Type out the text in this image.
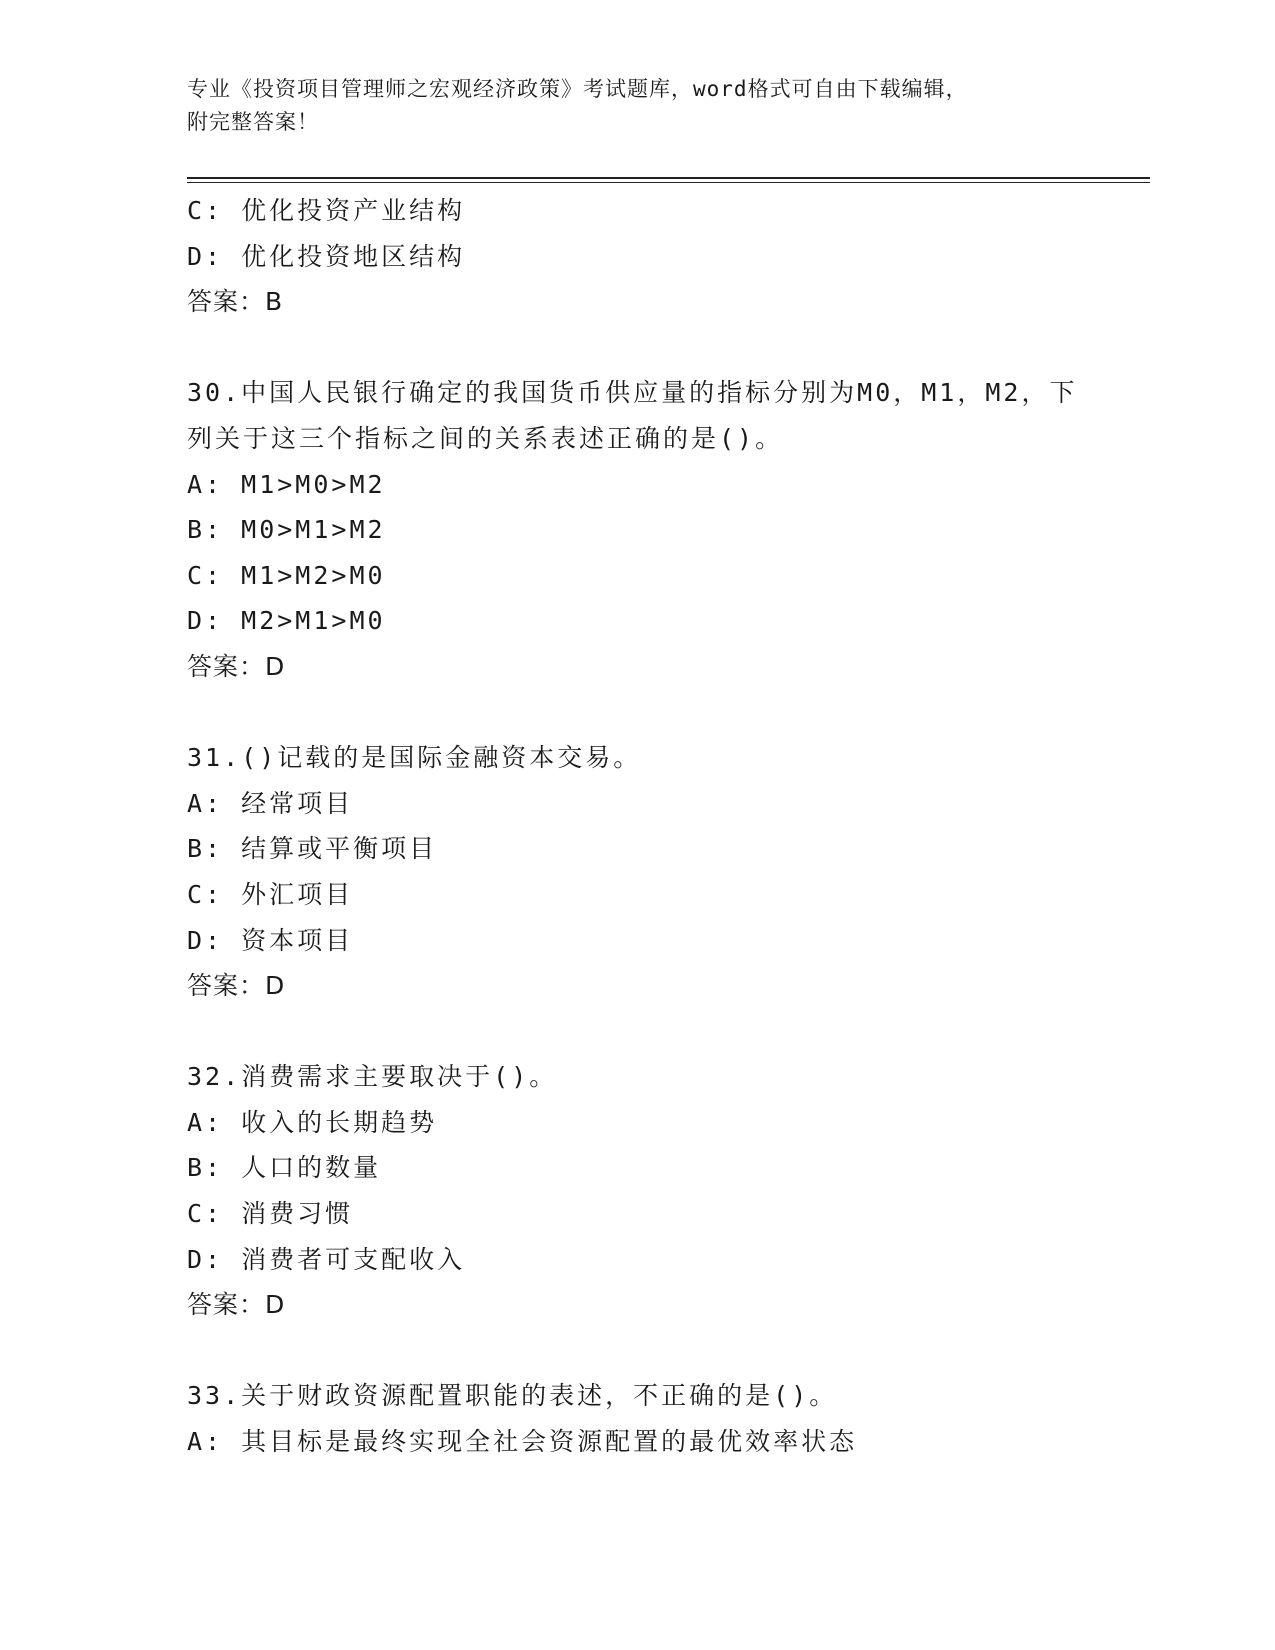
专业《投资项目管理师之宏观经济政策》考试题库，word格式可自由下载编辑，
附完整答案！
C: 优化投资产业结构
D: 优化投资地区结构
答案：B
30.中国人民银行确定的我国货币供应量的指标分别为M0，M1，M2，下
列关于这三个指标之间的关系表述正确的是()。
A: M1>M0>M2
B: M0>M1>M2
C: M1>M2>M0
D: M2>M1>M0
答案：D
31.()记载的是国际金融资本交易。
A: 经常项目
B: 结算或平衡项目
C: 外汇项目
D: 资本项目
答案：D
32.消费需求主要取决于()。
A: 收入的长期趋势
B: 人口的数量
C: 消费习惯
D: 消费者可支配收入
答案：D
33.关于财政资源配置职能的表述，不正确的是()。
A: 其目标是最终实现全社会资源配置的最优效率状态
